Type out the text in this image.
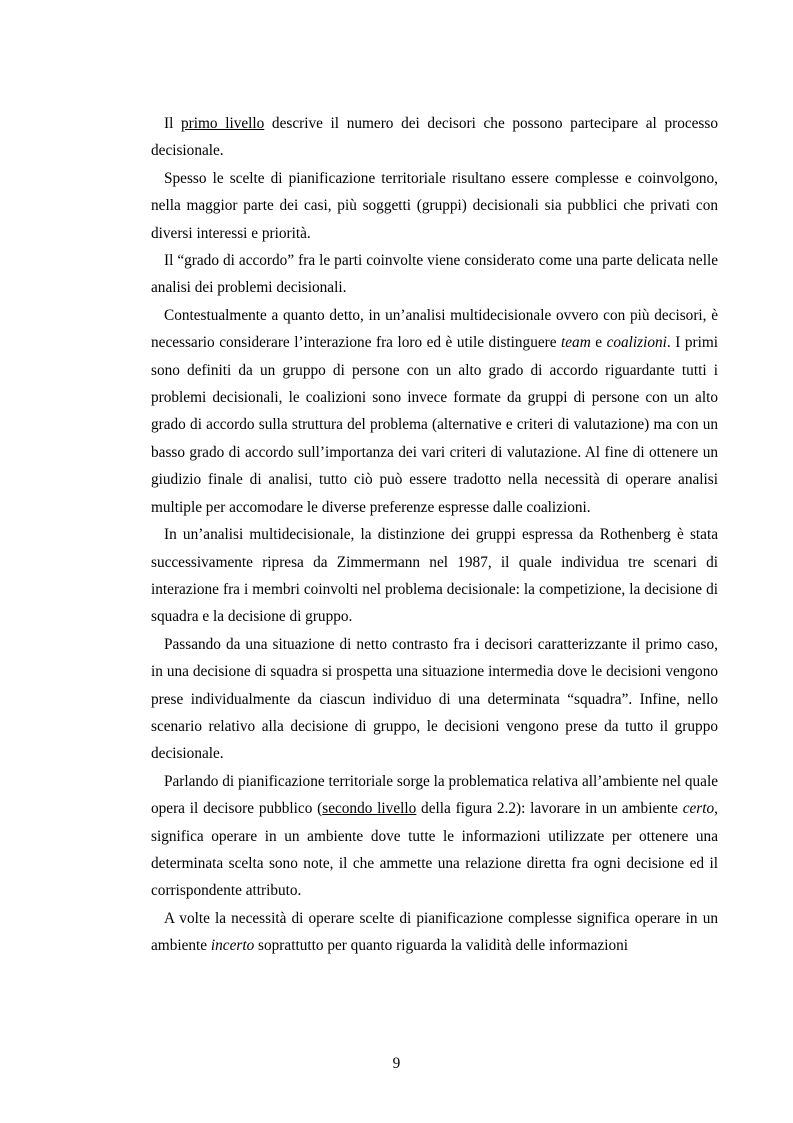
Il primo livello descrive il numero dei decisori che possono partecipare al processo decisionale.

Spesso le scelte di pianificazione territoriale risultano essere complesse e coinvolgono, nella maggior parte dei casi, più soggetti (gruppi) decisionali sia pubblici che privati con diversi interessi e priorità.

Il “grado di accordo” fra le parti coinvolte viene considerato come una parte delicata nelle analisi dei problemi decisionali.

Contestualmente a quanto detto, in un’analisi multidecisionale ovvero con più decisori, è necessario considerare l’interazione fra loro ed è utile distinguere team e coalizioni. I primi sono definiti da un gruppo di persone con un alto grado di accordo riguardante tutti i problemi decisionali, le coalizioni sono invece formate da gruppi di persone con un alto grado di accordo sulla struttura del problema (alternative e criteri di valutazione) ma con un basso grado di accordo sull’importanza dei vari criteri di valutazione. Al fine di ottenere un giudizio finale di analisi, tutto ciò può essere tradotto nella necessità di operare analisi multiple per accomodare le diverse preferenze espresse dalle coalizioni.

In un’analisi multidecisionale, la distinzione dei gruppi espressa da Rothenberg è stata successivamente ripresa da Zimmermann nel 1987, il quale individua tre scenari di interazione fra i membri coinvolti nel problema decisionale: la competizione, la decisione di squadra e la decisione di gruppo.

Passando da una situazione di netto contrasto fra i decisori caratterizzante il primo caso, in una decisione di squadra si prospetta una situazione intermedia dove le decisioni vengono prese individualmente da ciascun individuo di una determinata “squadra”. Infine, nello scenario relativo alla decisione di gruppo, le decisioni vengono prese da tutto il gruppo decisionale.

Parlando di pianificazione territoriale sorge la problematica relativa all’ambiente nel quale opera il decisore pubblico (secondo livello della figura 2.2): lavorare in un ambiente certo, significa operare in un ambiente dove tutte le informazioni utilizzate per ottenere una determinata scelta sono note, il che ammette una relazione diretta fra ogni decisione ed il corrispondente attributo.

A volte la necessità di operare scelte di pianificazione complesse significa operare in un ambiente incerto soprattutto per quanto riguarda la validità delle informazioni

9
